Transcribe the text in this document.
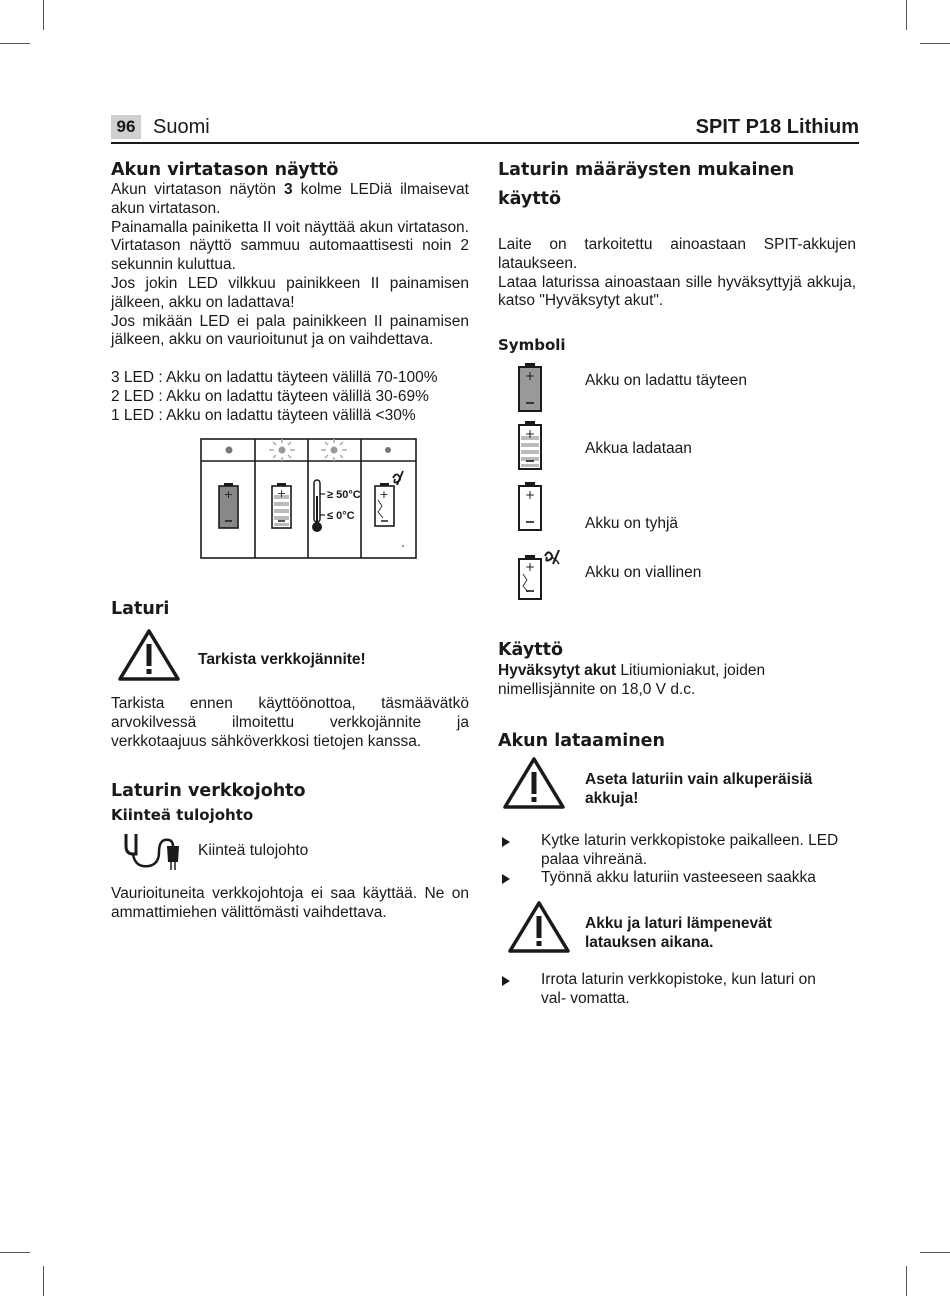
96 Suomi	SPIT P18 Lithium
Akun virtatason näyttö

Akun virtatason näytön 3 kolme LEDiä ilmaisevat akun virtatason.

Painamalla painiketta II voit näyttää akun virtatason. Virtatason näyttö sammuu automaattisesti noin 2 sekunnin kuluttua.

Jos jokin LED vilkkuu painikkeen II painamisen jälkeen, akku on ladattava!

Jos mikään LED ei pala painikkeen II painamisen jälkeen, akku on vaurioitunut ja on vaihdettava.

3 LED : Akku on ladattu täyteen välillä 70-100%

2 LED : Akku on ladattu täyteen välillä 30-69%

1 LED : Akku on ladattu täyteen välillä <30%

+	+	≥ 50°C
≤ 0°C
+
Laturi
Tarkista verkkojännite!
Tarkista ennen käyttöönottoa, täsmäävätkö arvokilvessä ilmoitettu verkkojännite ja verkkotaajuus sähköverkkosi tietojen kanssa.
Laturin verkkojohto
Kiinteä tulojohto
Kiinteä tulojohto
Vaurioituneita verkkojohtoja ei saa käyttää. Ne on ammattimiehen välittömästi vaihdettava.
Laturin määräysten mukainen
käyttö

Laite on tarkoitettu ainoastaan SPIT-akkujen lataukseen.

Lataa laturissa ainoastaan sille hyväksyttyjä akkuja, katso "Hyväksytyt akut".

Symboli
+	Akku on ladattu täyteen
+
Akkua ladataan
+
Akku on tyhjä
+	Akku on viallinen
Käyttö

Hyväksytyt akut Litiumioniakut, joiden

nimellisjännite on 18,0 V d.c.

Akun lataaminen

Aseta laturiin vain alkuperäisiä

akkuja!

Kytke laturin verkkopistoke paikalleen. LED palaa vihreänä.
Työnnä akku laturiin vasteeseen saakka

Akku ja laturi lämpenevät

latauksen aikana.

Irrota laturin verkkopistoke, kun laturi on val- vomatta.
